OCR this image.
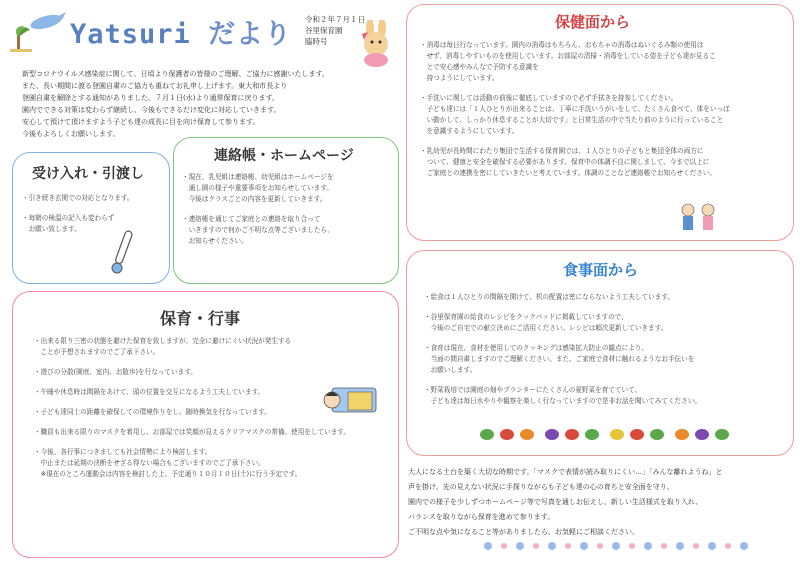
Yatsuri だより 令和２年７月１日
谷里保育園
臨時号
新型コロナウイルス感染症に関して、日頃より保護者の皆様のご理解、ご協力に感謝いたします。
また、長い期間に渡る登園自粛のご協力も重ねてお礼申し上げます。東大和市長より
登園自粛を解除とする通知がありました。７月１日(水)より通常保育に戻ります。
園内でできる対策は変わらず継続し、今後もできるだけ変化に対応していきます。
安心して預けて頂けますよう子ども達の成長に目を向け保育して参ります。
今後もよろしくお願いします。
受け入れ・引渡し
・引き続き玄関での対応となります。
・毎朝の検温の記入も変わらず
　お願い致します。
連絡帳・ホームページ
・現在、乳児組は連絡帳、幼児組はホームページを
　通し園の様子や重要事項をお知らせしています。
　今後はクラスごとの内容を更新していきます。
・連絡帳を通じてご家庭との連絡を取り合って
　いきますので何かご不明な点等ございましたら、
　お知らせください。
保育・行事
・出来る限り三密の状態を避けた保育を致しますが、完全に避けにくい状況が発生する
　ことが予想されますのでご了承下さい。
・遊びの分散(園庭、室内、お散歩)を行なっています。
・午睡や休息時は間隔をあけて、頭の位置を交互になるよう工夫しています。
・子ども達同士の距離を確保しての環境作りをし、随時換気を行なっています。
・職員も出来る限りのマスクを着用し、お部屋では笑顔が見えるクリアマスクの常備、使用をしています。
・今後、各行事につきましても社会情勢により検討します。
　中止または延期の決断をせざる得ない場合もございますのでご了承下さい。
　※現在のところ運動会は内容を検討した上、予定通り１０月１０日(土)に行う予定です。
保健面から
・消毒は毎日行なっています。園内の消毒はもちろん、おもちゃの消毒はぬいぐるみ類の使用は
　せず、消毒しやすいものを使用しています。お部屋の清掃・消毒をしている姿を子ども達が見るこ
　とで安心感やみんなで予防する意識を
　持つようにしています。
・手洗いに関しては活動の前後に徹底していますので必ず手拭きを持参してください。
　子ども達には「１人ひとりが出来ることは、丁寧に手洗いうがいをして、たくさん食べて、体をいっぱ
　い動かして、しっかり休息することが大切です」と日常生活の中で当たり前のように行っていること
　を意識するようにしています。
・乳幼児が長時間にわたり集団で生活する保育園では、１人ひとりの子どもと集団全体の両方に
　ついて、健康と安全を確保する必要があります。保育中の体調不良に関しまして、今まで以上に
　ご家庭との連携を密にしていきたいと考えています。体調のことなど連絡帳でお知らせください。
食事面から
・給食は１人ひとりの間隔を開けて、机の配置は密にならないよう工夫しています。
・谷里保育園の給食のレシピをクックパッドに掲載していますので、
　今後のご自宅での献立決めにご活用ください。レシピは順次更新していきます。
・食育は現在、食材を使用してのクッキングは感染拡大防止の観点により、
　当面の間自粛しますのでご理解ください。また、ご家庭で食材に触れるようなお手伝いを
　お願いします。
・野菜栽培では園庭の畑やプランターにたくさんの夏野菜を育てていて、
　子ども達は毎日水やりや観察を楽しく行なっていますので是非お話を聞いてみてください。

大人になる土台を築く大切な時期です。「マスクで表情が読み取りにくい…」「みんな離れようね」と
声を掛け、先の見えない状況に手探りながらも子ども達の心の育ちと安全面を守り、
園内での様子を少しずつホームページ等で写真を通しお伝えし、新しい生活様式を取り入れ、
バランスを取りながら保育を進めて参ります。
ご不明な点や気になること等がありましたら、お気軽にご相談ください。
